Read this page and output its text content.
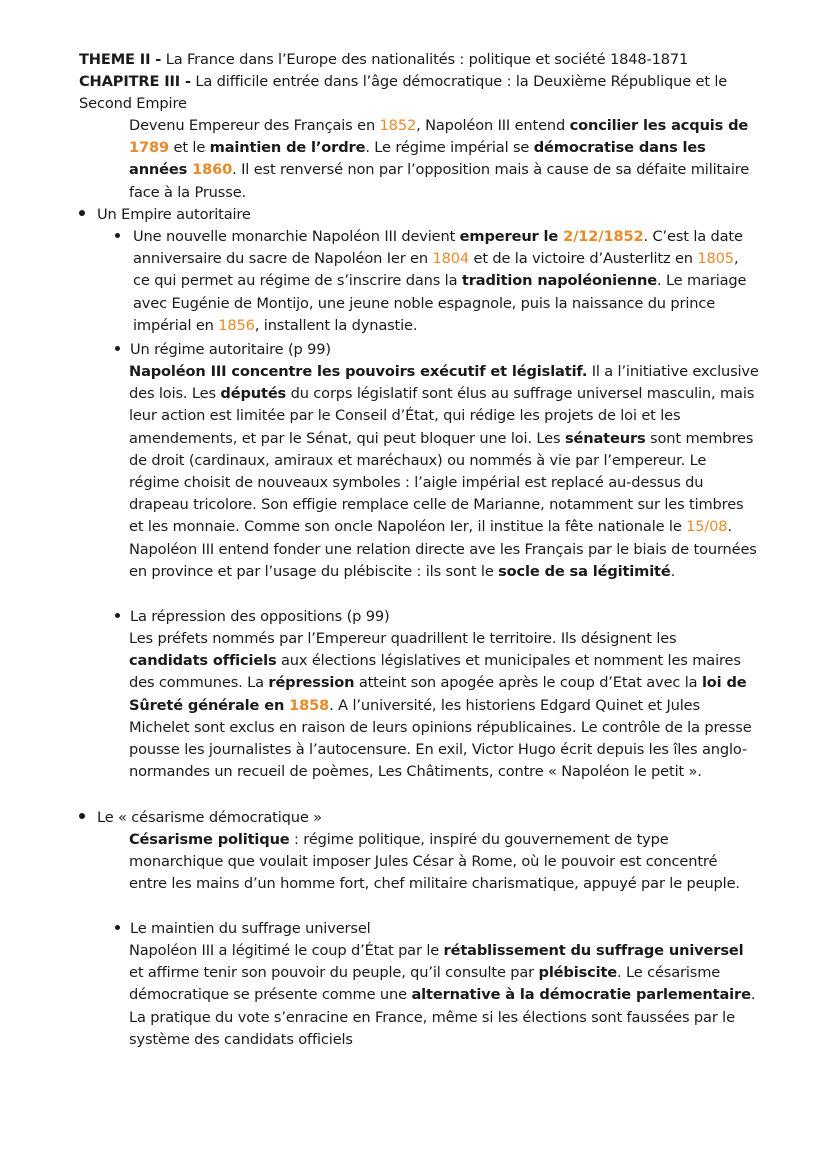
THEME II - La France dans l’Europe des nationalités : politique et société 1848-1871
CHAPITRE III - La difficile entrée dans l’âge démocratique : la Deuxième République et le
Second Empire
Devenu Empereur des Français en 1852, Napoléon III entend concilier les acquis de 1789 et le maintien de l’ordre. Le régime impérial se démocratise dans les années 1860. Il est renversé non par l’opposition mais à cause de sa défaite militaire face à la Prusse.
Un Empire autoritaire
Une nouvelle monarchie Napoléon III devient empereur le 2/12/1852. C’est la date anniversaire du sacre de Napoléon Ier en 1804 et de la victoire d’Austerlitz en 1805, ce qui permet au régime de s’inscrire dans la tradition napoléonienne. Le mariage avec Eugénie de Montijo, une jeune noble espagnole, puis la naissance du prince impérial en 1856, installent la dynastie.
Un régime autoritaire (p 99)
Napoléon III concentre les pouvoirs exécutif et législatif. Il a l’initiative exclusive des lois. Les députés du corps législatif sont élus au suffrage universel masculin, mais leur action est limitée par le Conseil d’État, qui rédige les projets de loi et les amendements, et par le Sénat, qui peut bloquer une loi. Les sénateurs sont membres de droit (cardinaux, amiraux et maréchaux) ou nommés à vie par l’empereur. Le régime choisit de nouveaux symboles : l’aigle impérial est replacé au-dessus du drapeau tricolore. Son effigie remplace celle de Marianne, notamment sur les timbres et les monnaie. Comme son oncle Napoléon Ier, il institue la fête nationale le 15/08. Napoléon III entend fonder une relation directe ave les Français par le biais de tournées en province et par l’usage du plébiscite : ils sont le socle de sa légitimité.
La répression des oppositions (p 99)
Les préfets nommés par l’Empereur quadrillent le territoire. Ils désignent les candidats officiels aux élections législatives et municipales et nomment les maires des communes. La répression atteint son apogée après le coup d’Etat avec la loi de Sûreté générale en 1858. A l’université, les historiens Edgard Quinet et Jules Michelet sont exclus en raison de leurs opinions républicaines. Le contrôle de la presse pousse les journalistes à l’autocensure. En exil, Victor Hugo écrit depuis les îles anglo-normandes un recueil de poèmes, Les Châtiments, contre « Napoléon le petit ».
Le « césarisme démocratique »
Césarisme politique : régime politique, inspiré du gouvernement de type monarchique que voulait imposer Jules César à Rome, où le pouvoir est concentré entre les mains d’un homme fort, chef militaire charismatique, appuyé par le peuple.
Le maintien du suffrage universel
Napoléon III a légitimé le coup d’État par le rétablissement du suffrage universel et affirme tenir son pouvoir du peuple, qu’il consulte par plébiscite. Le césarisme démocratique se présente comme une alternative à la démocratie parlementaire. La pratique du vote s’enracine en France, même si les élections sont faussées par le système des candidats officiels
